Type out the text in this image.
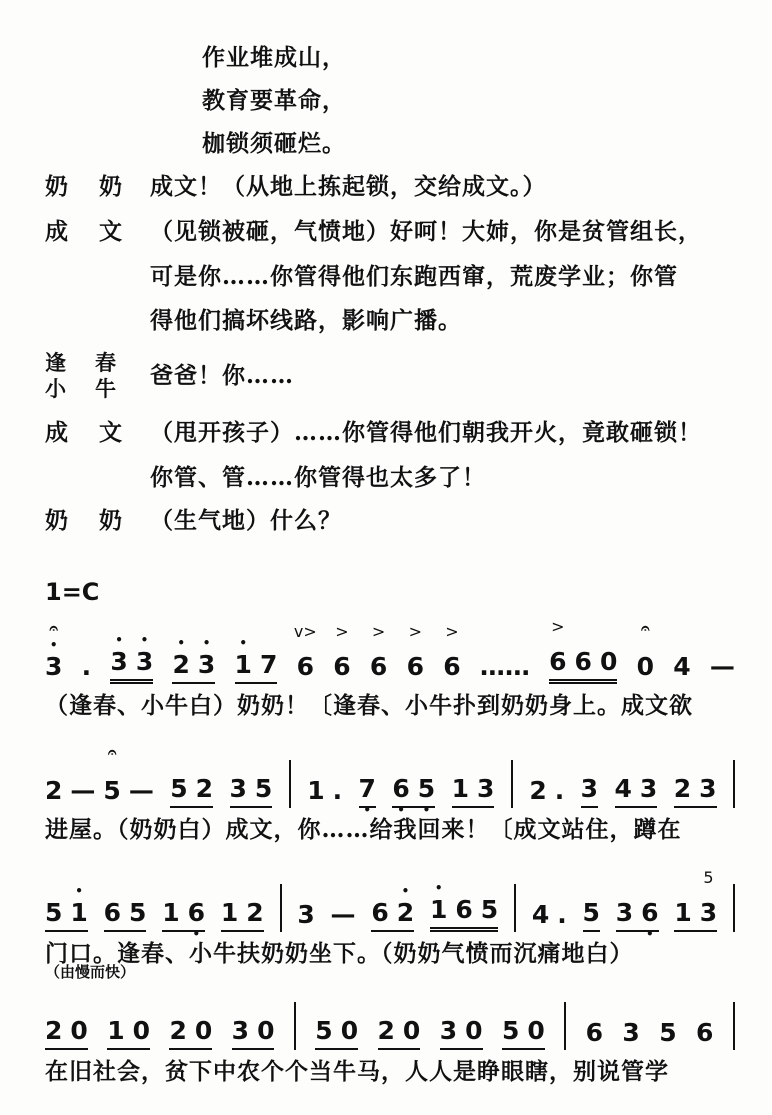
作业堆成山，
教育要革命，
枷锁须砸烂。
奶　奶 成文！（从地上拣起锁，交给成文。）
成　文 （见锁被砸，气愤地）好呵！大姉，你是贫管组长，
可是你……你管得他们东跑西窜，荒废学业；你管
得他们搞坏线路，影响广播。
逢　春
小　牛 爸爸！你……
成　文 （甩开孩子）……你管得他们朝我开火，竟敢砸锁！
你管、管……你管得也太多了！
奶　奶 （生气地）什么？
1=C
（由慢而快）
3
•
𝄐
. 3
•
3
•
2
•
3
•
1
•
7 6
v>
6
>
6
>
6
>
6
>
…… 6
>
6 0 0
𝄐
4 —
（逢春、小牛白）奶奶！〔逢春、小牛扑到奶奶身上。成文欲
2 — 5
𝄐
— 5 2 3 5 1 . 7
•
6
•
5
•
1 3 2 . 3 4 3 2 3
进屋。（奶奶白）成文，你……给我回来！〔成文站住，蹲在
5 1
•
6 5 1 6
•
1 2 3 — 6 2
•
1
•
6 5 4 . 5 3 6
•
1 3
5
门口。逢春、小牛扶奶奶坐下。（奶奶气愤而沉痛地白）
2 0 1 0 2 0 3 0 5 0 2 0 3 0 5 0 6 3 5 6
在旧社会，贫下中农个个当牛马，人人是睁眼瞎，别说管学
